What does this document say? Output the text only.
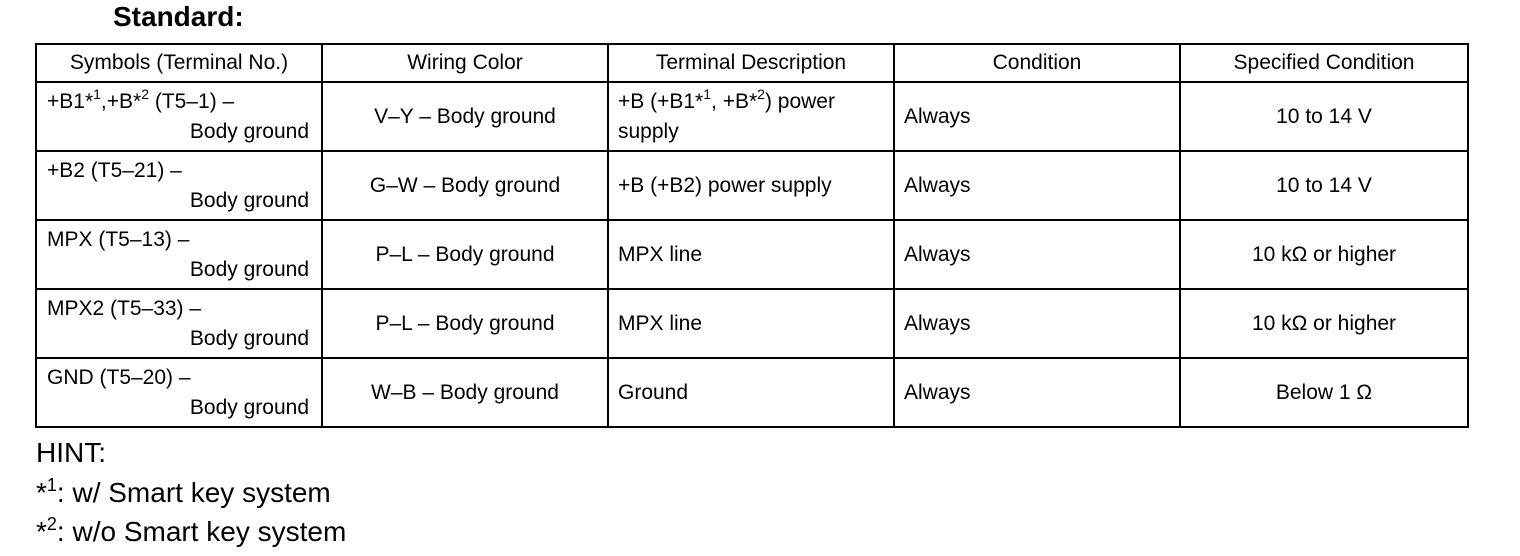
Standard:
Symbols (Terminal No.)	Wiring Color	Terminal Description	Condition	Specified Condition

+B1*$^1$,+B*$^2$ (T5–1) –
Body ground	V–Y – Body ground	+B (+B1*$^1$, +B*$^2$) power supply	Always	10 to 14 V

+B2 (T5–21) –
Body ground	G–W – Body ground	+B (+B2) power supply	Always	10 to 14 V

MPX (T5–13) –
Body ground	P–L – Body ground	MPX line	Always	10 kΩ or higher

MPX2 (T5–33) –
Body ground	P–L – Body ground	MPX line	Always	10 kΩ or higher

GND (T5–20) –
Body ground	W–B – Body ground	Ground	Always	Below 1 Ω
HINT:
*$^1$: w/ Smart key system
*$^2$: w/o Smart key system
